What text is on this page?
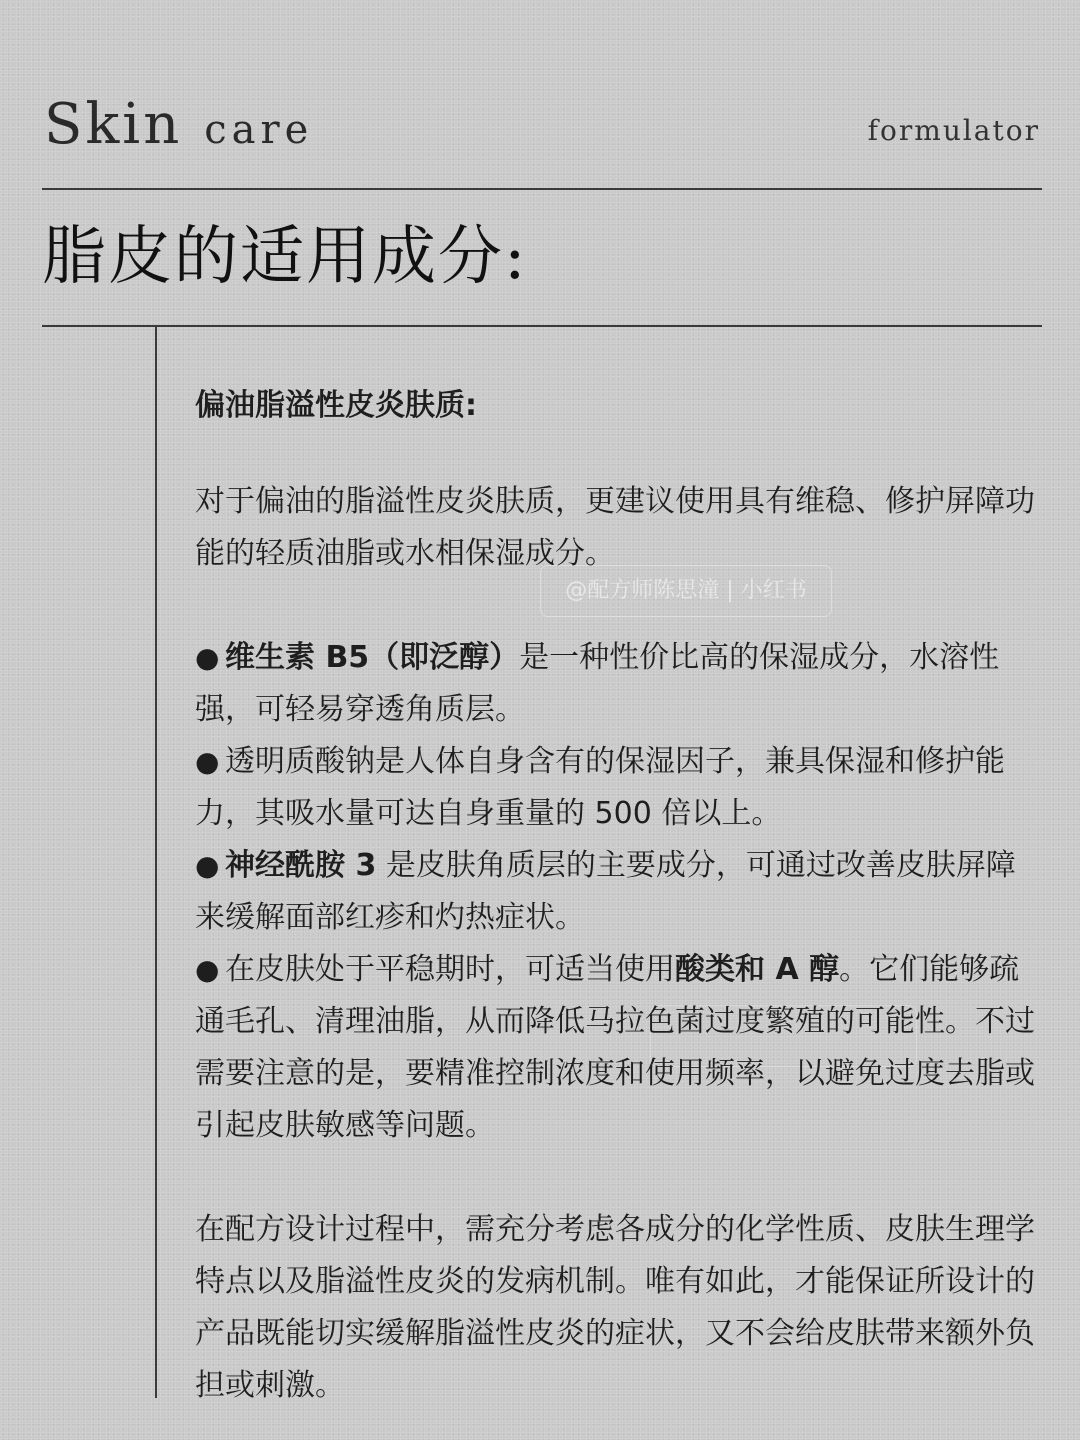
Skin care	formulator
脂皮的适用成分:
@配方师陈思潼 | 小红书

偏油脂溢性皮炎肤质:

对于偏油的脂溢性皮炎肤质，更建议使用具有维稳、修护屏障功能的轻质油脂或水相保湿成分。

● 维生素 B5（即泛醇）是一种性价比高的保湿成分，水溶性强，可轻易穿透角质层。

● 透明质酸钠是人体自身含有的保湿因子，兼具保湿和修护能力，其吸水量可达自身重量的 500 倍以上。

● 神经酰胺 3 是皮肤角质层的主要成分，可通过改善皮肤屏障来缓解面部红疹和灼热症状。

● 在皮肤处于平稳期时，可适当使用酸类和 A 醇。它们能够疏通毛孔、清理油脂，从而降低马拉色菌过度繁殖的可能性。不过需要注意的是，要精准控制浓度和使用频率，以避免过度去脂或引起皮肤敏感等问题。

在配方设计过程中，需充分考虑各成分的化学性质、皮肤生理学特点以及脂溢性皮炎的发病机制。唯有如此，才能保证所设计的产品既能切实缓解脂溢性皮炎的症状，又不会给皮肤带来额外负担或刺激。
